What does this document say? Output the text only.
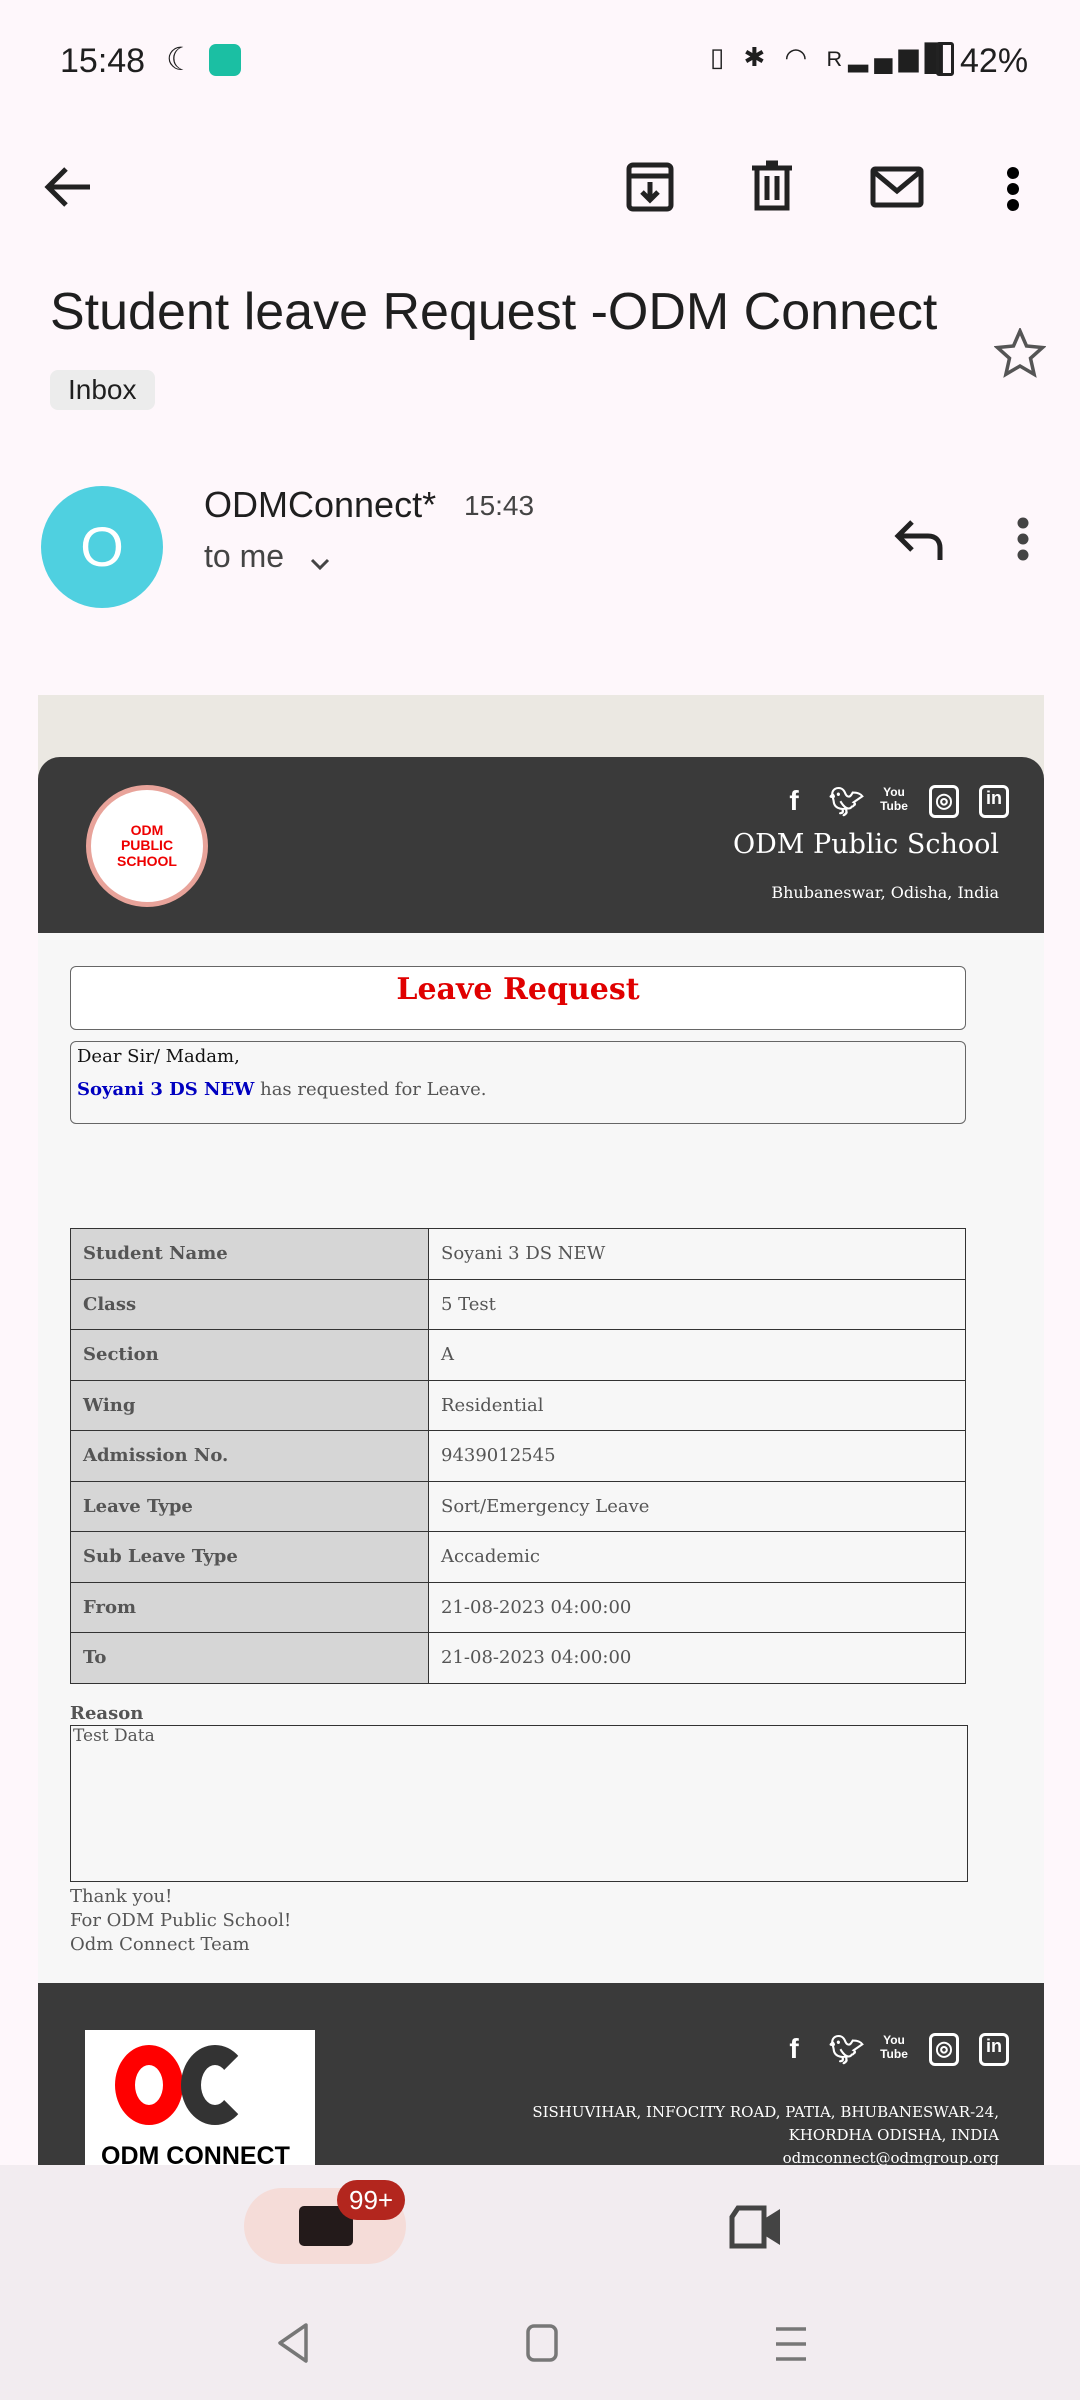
15:48 ☾	▯ ✱ ◠ R▂▄▆█ 42%
Student leave Request -ODM Connect
Inbox
O
ODMConnect* 15:43
to me
ODM PUBLIC SCHOOL
f	🐦︎	You Tube	◎	in
ODM Public School
Bhubaneswar, Odisha, India
Leave Request
Dear Sir/ Madam,
Soyani 3 DS NEW has requested for Leave.
Student Name	Soyani 3 DS NEW
Class	5 Test
Section	A
Wing	Residential
Admission No.	9439012545
Leave Type	Sort/Emergency Leave
Sub Leave Type	Accademic
From	21-08-2023 04:00:00
To	21-08-2023 04:00:00
Reason
Test Data
Thank you!
For ODM Public School!
Odm Connect Team
ODM CONNECT
f	🐦︎	You Tube	◎	in
SISHUVIHAR, INFOCITY ROAD, PATIA, BHUBANESWAR-24,
KHORDHA ODISHA, INDIA
odmconnect@odmgroup.org
99+
